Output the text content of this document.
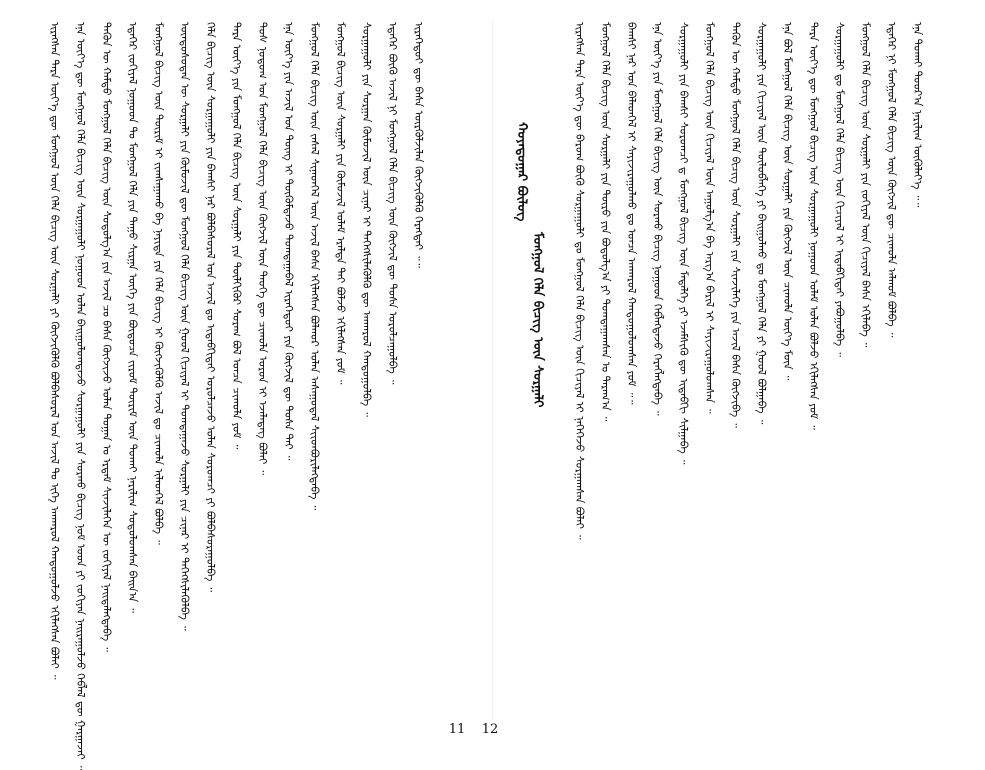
ᠢᠷᠡᠭᠰᠡᠨ ᠲᠡᠷᠡ ᠦᠶ᠎ᠡ ᠳᠦ ᠮᠣᠩᠭᠣᠯ ᠦᠨ ᠬᠡᠯᠡ ᠪᠢᠴᠢᠭ ᠦᠨ ᠰᠤᠷᠭᠠᠯᠢ ᠶᠢ ᠬᠦᠭᠵᠢᠭᠦᠯᠬᠦ ᠪᠣᠯᠪᠠᠰᠤᠷᠠᠯ ᠤᠨ ᠠᠵᠢᠯ ᠲᠤ ᠢᠬᠡ ᠠᠨᠬᠠᠷᠤᠯ ᠬᠠᠨᠳᠤᠭᠤᠯᠵᠤ ᠡᠬᠢᠯᠡᠭᠰᠡᠨ ᠪᠣᠯᠠᠢ ᠃ ᠡᠨᠡ ᠦᠶ᠎ᠡ ᠳᠦ ᠮᠣᠩᠭᠣᠯ ᠬᠡᠯᠡ ᠪᠢᠴᠢᠭ ᠦᠨ ᠰᠤᠷᠭᠠᠭᠤᠯᠢ ᠨᠤᠭᠤᠳ ᠣᠯᠠᠨ ᠪᠠᠢᠭᠤᠯᠤᠭᠳᠠᠵᠤ ᠰᠤᠷᠭᠠᠭᠤᠯᠢ ᠶᠢᠨ ᠰᠤᠷᠬᠤ ᠪᠢᠴᠢᠭ ᠨᠣᠮ ᠤᠳ ᠶᠢ ᠵᠣᠬᠢᠶᠠᠨ ᠨᠠᠢᠷᠠᠭᠤᠯᠵᠤ ᠬᠡᠪᠯᠡᠯ ᠳᠦ ᠭᠠᠷᠭᠠᠵᠠᠢ ᠃ ᠲᠡᠭᠦᠨ ᠦ ᠬᠠᠮᠲᠤ ᠮᠣᠩᠭᠣᠯ ᠬᠡᠯᠡ ᠪᠢᠴᠢᠭ ᠦᠨ ᠰᠤᠳᠤᠯᠭ᠎ᠠ ᠶᠢᠨ ᠠᠵᠢᠯ ᠴᠤ ᠪᠠᠰᠠ ᠬᠦᠭᠵᠢᠵᠦ ᠣᠯᠠᠨ ᠲᠣᠭᠠᠨ ᠤ ᠡᠷᠳᠡᠮ ᠰᠢᠨᠵᠢᠯᠡᠭᠡᠨ ᠦ ᠵᠣᠬᠢᠶᠠᠯ ᠨᠡᠢᠲᠡᠯᠡᠭᠳᠡᠪᠡ ᠃ ᠡᠳᠡᠭᠡᠷ ᠵᠣᠬᠢᠶᠠᠯ ᠨᠤᠭᠤᠳ ᠲᠤ ᠮᠣᠩᠭᠣᠯ ᠬᠡᠯᠡ ᠶᠢᠨ ᠳᠠᠭᠤ ᠰᠢᠷᠭᠠ ᠦᠭᠡ ᠶᠢᠨ ᠪᠦᠲᠦᠴᠡ ᠵᠢᠷᠤᠮ ᠳᠦᠷᠢᠮ ᠦᠨ ᠲᠤᠬᠠᠢ ᠨᠠᠷᠢᠯᠢᠭ ᠰᠤᠳᠤᠯᠤᠭᠰᠠᠨ ᠪᠠᠢᠨ᠎ᠠ ᠃ ᠮᠣᠩᠭᠣᠯ ᠪᠢᠴᠢᠭ ᠦᠨ ᠳᠦᠷᠢᠮ ᠢ ᠵᠢᠭᠰᠠᠭᠠᠬᠤ ᠪᠠ ᠨᠡᠶᠢᠲᠡ ᠶᠢᠨ ᠬᠡᠯᠡ ᠪᠢᠴᠢᠭ ᠢ ᠬᠥᠭᠵᠢᠭᠦᠯᠬᠦ ᠠᠵᠢᠯ ᠳᠤ ᠴᠢᠬᠤᠯᠠ ᠢᠯᠡᠳᠬᠡᠯ ᠪᠣᠯᠪᠠ ᠃ ᠦᠨᠳᠦᠰᠦᠲᠡᠨ ᠦ ᠰᠤᠷᠭᠠᠯᠢ ᠶᠢᠨ ᠬᠦᠮᠦᠵᠢᠯ ᠳᠦ ᠮᠣᠩᠭᠣᠯ ᠬᠡᠯᠡ ᠪᠢᠴᠢᠭ ᠦᠨ ᠭᠣᠣᠯ ᠬᠢᠴᠢᠶᠡᠯ ᠢ ᠲᠣᠭᠲᠠᠭᠠᠵᠤ ᠰᠤᠷᠭᠠᠯᠢ ᠶᠢᠨ ᠴᠢᠨᠠᠷ ᠢ ᠳᠡᠭᠡᠭᠰᠢᠯᠡᠭᠦᠯᠪᠡ ᠃ ᠬᠡᠯᠡ ᠪᠢᠴᠢᠭ ᠦᠨ ᠰᠤᠷᠭᠠᠭᠤᠯᠢ ᠶᠢᠨ ᠪᠠᠭᠰᠢ ᠨᠠᠷ ᠪᠣᠯᠪᠠᠰᠤᠷᠠᠯ ᠤᠨ ᠠᠵᠢᠯ ᠳᠤ ᠢᠳᠡᠪᠬᠢᠲᠡᠢ ᠣᠷᠤᠯᠴᠠᠵᠤ ᠣᠯᠠᠨ ᠰᠤᠷᠤᠭᠴᠢ ᠶᠢ ᠪᠣᠯᠪᠠᠰᠤᠷᠠᠭᠤᠯᠪᠠ ᠃ ᠲᠡᠷᠡ ᠦᠶ᠎ᠡ ᠶᠢᠨ ᠮᠣᠩᠭᠣᠯ ᠬᠡᠯᠡ ᠪᠢᠴᠢᠭ ᠦᠨ ᠰᠤᠷᠭᠠᠯᠢ ᠶᠢᠨ ᠲᠦᠯᠬᠢᠭᠦᠷ ᠰᠤᠷᠠᠭ ᠪᠣᠯ ᠣᠨᠴᠠ ᠴᠢᠬᠤᠯᠠ ᠶᠤᠮ ᠃ ᠲᠤᠰ ᠨᠤᠲᠤᠭ ᠤᠨ ᠮᠣᠩᠭᠣᠯ ᠬᠡᠯᠡ ᠪᠢᠴᠢᠭ ᠦᠨ ᠬᠥᠭᠵᠢᠯ ᠦᠨ ᠲᠡᠦᠬᠡ ᠳᠦ ᠴᠢᠬᠤᠯᠠ ᠣᠷᠤᠨ ᠢ ᠡᠵᠡᠯᠡᠳᠡᠭ ᠪᠣᠯᠠᠢ ᠃ ᠡᠨᠡ ᠦᠶ᠎ᠡ ᠶᠢᠨ ᠠᠵᠢᠯ ᠤᠨ ᠳᠦᠩ ᠢ ᠳᠦᠭᠦᠮᠳᠡᠵᠦ ᠲᠣᠭᠲᠠᠭᠠᠪᠠᠯ ᠢᠷᠡᠭᠡᠳᠦᠢ ᠶᠢᠨ ᠬᠦᠭᠵᠢᠯ ᠳᠦ ᠳᠤᠰᠠ ᠲᠠᠢ ᠃ ᠮᠣᠩᠭᠣᠯ ᠬᠡᠯᠡ ᠪᠢᠴᠢᠭ ᠦᠨ ᠵᠠᠰᠠᠯ ᠰᠢᠨᠡᠳᠭᠡᠯ ᠦᠨ ᠠᠵᠢᠯ ᠪᠠᠰᠠ ᠡᠬᠢᠯᠡᠭᠰᠡᠨ ᠪᠣᠯᠬᠣᠷ ᠣᠯᠠᠨ ᠠᠰᠠᠭᠤᠳᠠᠯ ᠰᠢᠢᠳᠪᠦᠷᠢᠯᠡᠭᠳᠡᠪᠡ ᠃ ᠮᠣᠩᠭᠣᠯ ᠪᠢᠴᠢᠭ ᠦᠨ ᠰᠤᠷᠭᠠᠯᠢ ᠶᠢᠨ ᠬᠦᠮᠦᠵᠢᠯ ᠤᠯᠠᠮ ᠡᠷᠡᠯᠲᠡ ᠲᠠᠢ ᠪᠣᠯᠵᠤ ᠡᠬᠢᠯᠡᠭᠰᠡᠨ ᠶᠤᠮ ᠃ ᠰᠤᠷᠭᠠᠭᠤᠯᠢ ᠶᠢᠨ ᠰᠤᠷᠭᠠᠨ ᠬᠦᠮᠦᠵᠢᠯ ᠦᠨ ᠴᠢᠨᠠᠷ ᠢ ᠳᠡᠭᠡᠭᠰᠢᠯᠡᠭᠦᠯᠬᠦ ᠳᠦ ᠠᠨᠬᠠᠷᠤᠯ ᠬᠠᠨᠳᠤᠭᠤᠯᠪᠠ ᠃ ᠡᠳᠡᠭᠡᠷ ᠪᠦᠬᠦ ᠠᠵᠢᠯ ᠨᠢ ᠮᠣᠩᠭᠣᠯ ᠬᠡᠯᠡ ᠪᠢᠴᠢᠭ ᠦᠨ ᠬᠥᠭᠵᠢᠯ ᠳᠦ ᠲᠤᠰᠠ ᠣᠷᠤᠯᠴᠠᠭᠤᠯᠪᠠ ᠃ ᠢᠷᠡᠭᠡᠳᠦᠢ ᠳᠦ ᠪᠠᠰᠠ ᠦᠷᠭᠦᠯᠵᠢᠯᠡᠨ ᠬᠦᠭᠵᠢᠭᠦᠯᠬᠦ ᠬᠡᠷᠡᠭᠲᠡᠢ ᠃᠃
ᠮᠣᠩᠭᠣᠯ ᠬᠡᠯᠡ ᠪᠢᠴᠢᠭ ᠦᠨ ᠰᠤᠷᠭᠠᠯᠢ
ᠬᠣᠶᠠᠳᠤᠭᠠᠷ ᠪᠦᠯᠦᠭ	ᠢᠷᠡᠭᠰᠡᠨ ᠲᠡᠷᠡ ᠦᠶ᠎ᠡ ᠳᠦ ᠪᠠᠷᠤᠭ ᠪᠦᠬᠦ ᠰᠤᠷᠭᠠᠭᠤᠯᠢ ᠳᠤ ᠮᠣᠩᠭᠣᠯ ᠬᠡᠯᠡ ᠪᠢᠴᠢᠭ ᠦᠨ ᠬᠢᠴᠢᠶᠡᠯ ᠢ ᠨᠡᠭᠡᠭᠡᠵᠦ ᠰᠤᠷᠭᠠᠭᠰᠠᠨ ᠪᠣᠯᠠᠢ ᠃ ᠮᠣᠩᠭᠣᠯ ᠬᠡᠯᠡ ᠪᠢᠴᠢᠭ ᠦᠨ ᠰᠤᠷᠭᠠᠯᠢ ᠶᠢᠨ ᠲᠥᠷᠥ ᠶᠢᠨ ᠪᠣᠳᠤᠯᠭ᠎ᠠ ᠶᠢ ᠲᠣᠭᠲᠠᠭᠠᠭᠰᠠᠨ ᠤ ᠳᠠᠷᠠᠭ᠎ᠠ ᠃ ᠪᠠᠭᠰᠢ ᠨᠠᠷ ᠤᠨ ᠪᠡᠯᠡᠳᠬᠡᠯ ᠢ ᠰᠠᠶᠢᠵᠢᠷᠠᠭᠤᠯᠬᠤ ᠳᠤ ᠣᠨᠴᠠ ᠠᠨᠬᠠᠷᠤᠯ ᠬᠠᠨᠳᠤᠭᠤᠯᠤᠭᠰᠠᠨ ᠶᠤᠮ ᠃᠃ ᠡᠨᠡ ᠦᠶ᠎ᠡ ᠶᠢᠨ ᠮᠣᠩᠭᠣᠯ ᠬᠡᠯᠡ ᠪᠢᠴᠢᠭ ᠦᠨ ᠰᠤᠷᠬᠤ ᠪᠢᠴᠢᠭ ᠨᠤᠭᠤᠳ ᠬᠡᠪᠯᠡᠭᠳᠡᠵᠦ ᠬᠡᠷᠡᠭᠯᠡᠭᠳᠡᠪᠡ ᠃ ᠰᠤᠷᠭᠠᠭᠤᠯᠢ ᠶᠢᠨ ᠪᠠᠭᠰᠢ ᠰᠤᠷᠤᠭᠴᠢ ᠳ ᠮᠣᠩᠭᠣᠯ ᠪᠢᠴᠢᠭ ᠦᠨ ᠮᠡᠳᠡᠯᠭᠡ ᠶᠢ ᠡᠵᠡᠮᠰᠢᠬᠦ ᠳᠦ ᠢᠳᠡᠪᠬᠢ ᠰᠢᠯᠭᠠᠪᠠ ᠃ ᠮᠣᠩᠭᠣᠯ ᠬᠡᠯᠡ ᠪᠢᠴᠢᠭ ᠦᠨ ᠬᠢᠴᠢᠶᠡᠯ ᠦᠨ ᠠᠭᠤᠯᠭ᠎ᠠ ᠪᠠ ᠠᠷᠭ᠎ᠠ ᠪᠠᠷᠢᠯ ᠢ ᠰᠠᠶᠢᠵᠢᠷᠠᠭᠤᠯᠤᠭᠰᠠᠨ ᠃ ᠲᠡᠭᠦᠨ ᠦ ᠬᠠᠮᠲᠤ ᠮᠣᠩᠭᠣᠯ ᠬᠡᠯᠡ ᠪᠢᠴᠢᠭ ᠦᠨ ᠰᠤᠷᠭᠠᠯᠢ ᠶᠢᠨ ᠰᠢᠨᠵᠢᠯᠡᠭᠡ ᠶᠢᠨ ᠠᠵᠢᠯ ᠪᠠᠰᠠ ᠬᠦᠭᠵᠢᠪᠡ ᠃ ᠰᠤᠷᠭᠠᠭᠤᠯᠢ ᠶᠢᠨ ᠬᠢᠴᠢᠶᠡᠯ ᠦᠨ ᠲᠥᠯᠥᠪᠯᠡᠭᠡ ᠶᠢ ᠪᠠᠢᠭᠤᠯᠬᠤ ᠳᠤ ᠮᠣᠩᠭᠣᠯ ᠬᠡᠯᠡ ᠶᠢ ᠭᠣᠣᠯ ᠪᠣᠯᠭᠠᠪᠠ ᠃ ᠡᠨᠡ ᠪᠣᠯ ᠮᠣᠩᠭᠣᠯ ᠬᠡᠯᠡ ᠪᠢᠴᠢᠭ ᠦᠨ ᠰᠤᠷᠭᠠᠯᠢ ᠶᠢᠨ ᠬᠦᠭᠵᠢᠯ ᠦᠨ ᠴᠢᠬᠤᠯᠠ ᠦᠶ᠎ᠡ ᠮᠥᠨ ᠃ ᠲᠡᠷᠡ ᠦᠶ᠎ᠡ ᠳᠦ ᠮᠣᠩᠭᠣᠯ ᠪᠢᠴᠢᠭ ᠦᠨ ᠰᠤᠷᠭᠠᠭᠤᠯᠢ ᠨᠤᠭᠤᠳ ᠤᠯᠠᠮ ᠣᠯᠠᠨ ᠪᠣᠯᠵᠤ ᠡᠬᠢᠯᠡᠭᠰᠡᠨ ᠶᠤᠮ ᠃ ᠰᠤᠷᠭᠠᠭᠤᠯᠢ ᠳᠤ ᠮᠣᠩᠭᠣᠯ ᠬᠡᠯᠡ ᠪᠢᠴᠢᠭ ᠦᠨ ᠬᠢᠴᠢᠶᠡᠯ ᠢ ᠢᠳᠡᠪᠬᠢᠲᠡᠢ ᠶᠠᠪᠤᠭᠤᠯᠪᠠ ᠃ ᠮᠣᠩᠭᠣᠯ ᠬᠡᠯᠡ ᠪᠢᠴᠢᠭ ᠦᠨ ᠰᠤᠷᠭᠠᠯᠢ ᠶᠢᠨ ᠵᠣᠬᠢᠶᠠᠯ ᠦᠨ ᠬᠢᠴᠢᠶᠡᠯ ᠪᠠᠰᠠ ᠡᠬᠢᠯᠡᠪᠡ ᠃ ᠡᠳᠡᠭᠡᠷ ᠨᠢ ᠮᠣᠩᠭᠣᠯ ᠬᠡᠯᠡ ᠪᠢᠴᠢᠭ ᠦᠨ ᠬᠥᠭᠵᠢᠯ ᠳᠦ ᠴᠢᠬᠤᠯᠠ ᠠᠯᠬᠤᠮ ᠪᠣᠯᠪᠠ ᠃ ᠡᠨᠡ ᠲᠤᠬᠠᠢ ᠳᠣᠣᠷ᠎ᠠ ᠨᠠᠷᠢᠯᠢᠭ ᠦᠭᠦᠯᠡᠶ᠎ᠡ ᠃᠃
11	12
